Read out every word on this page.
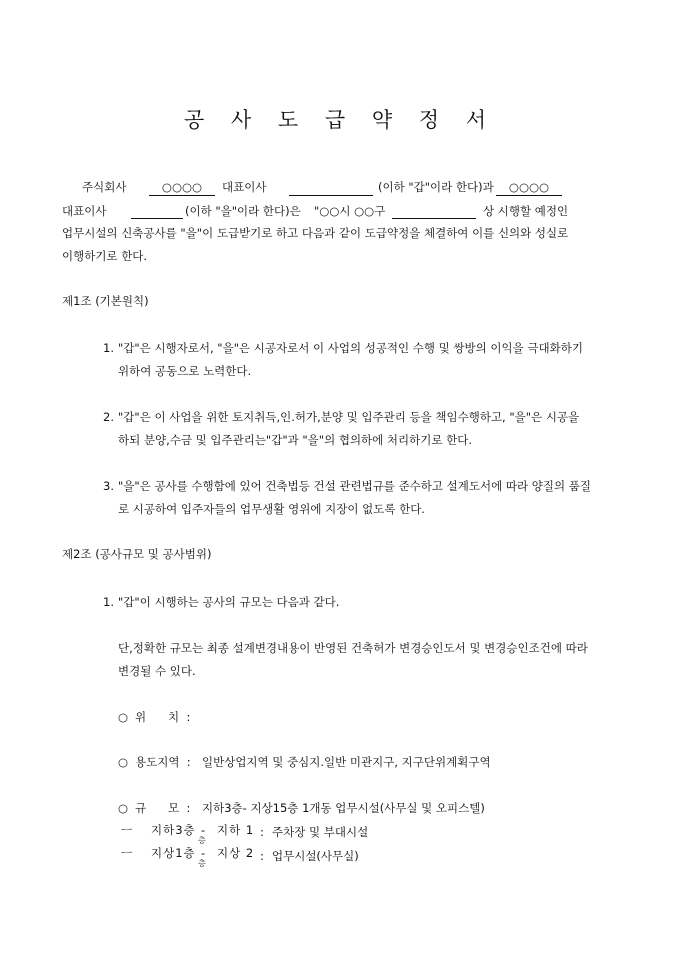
공 사 도 급 약 정 서
주식회사	○○○○	대표이사	(이하 "갑"이라 한다)과	○○○○
대표이사	(이하 "을"이라 한다)은 "○○시 ○○구	상 시행할 예정인
업무시설의 신축공사를 "을"이 도급받기로 하고 다음과 같이 도급약정을 체결하여 이를 신의와 성실로
이행하기로 한다.
제1조 (기본원칙)
1. "갑"은 시행자로서, "을"은 시공자로서 이 사업의 성공적인 수행 및 쌍방의 이익을 극대화하기
위하여 공동으로 노력한다.
2. "갑"은 이 사업을 위한 토지취득,인.허가,분양 및 입주관리 등을 책임수행하고, "을"은 시공을
하되 분양,수금 및 입주관리는"갑"과 "을"의 협의하에 처리하기로 한다.
3. "을"은 공사를 수행함에 있어 건축법등 건설 관련법규를 준수하고 설계도서에 따라 양질의 품질
로 시공하여 입주자들의 업무생활 영위에 지장이 없도록 한다.
제2조 (공사규모 및 공사범위)
1. "갑"이 시행하는 공사의 규모는 다음과 같다.
단,정확한 규모는 최종 설계변경내용이 반영된 건축허가 변경승인도서 및 변경승인조건에 따라
변경될 수 있다.
○ 위      치  :
○ 용도지역  : 일반상업지역 및 중심지.일반 미관지구, 지구단위계획구역
○ 규      모  : 지하3층- 지상15층 1개동 업무시설(사무실 및 오피스텔)
ㅡ 지하3층 -
층
지하 1 : 주차장 및 부대시설
ㅡ 지상1층 -
층
지상 2 : 업무시설(사무실)
